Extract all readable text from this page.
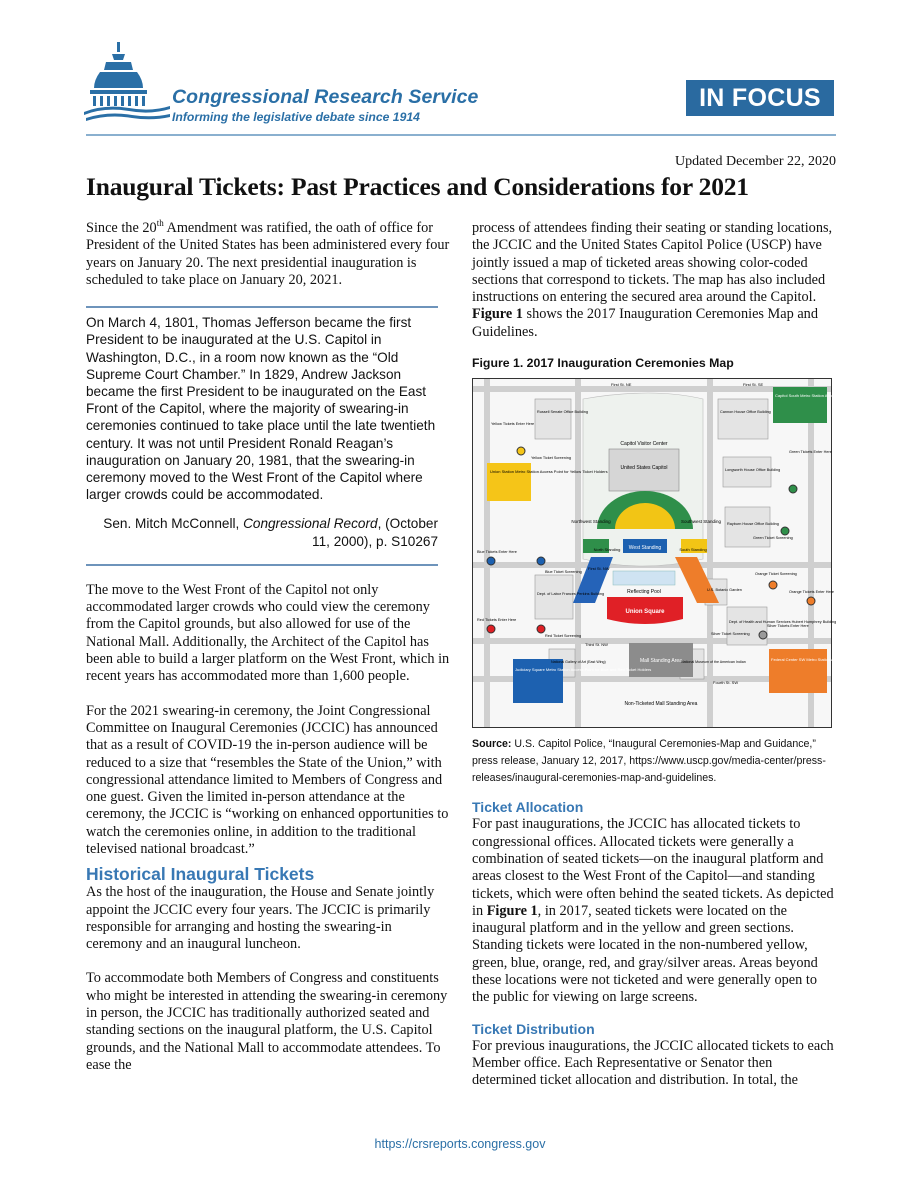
Congressional Research Service
Informing the legislative debate since 1914
IN FOCUS
Updated December 22, 2020
Inaugural Tickets: Past Practices and Considerations for 2021

Since the 20th Amendment was ratified, the oath of office for President of the United States has been administered every four years on January 20. The next presidential inauguration is scheduled to take place on January 20, 2021.

On March 4, 1801, Thomas Jefferson became the first President to be inaugurated at the U.S. Capitol in Washington, D.C., in a room now known as the “Old Supreme Court Chamber.” In 1829, Andrew Jackson became the first President to be inaugurated on the East Front of the Capitol, where the majority of swearing-in ceremonies continued to take place until the late twentieth century. It was not until President Ronald Reagan’s inauguration on January 20, 1981, that the swearing-in ceremony moved to the West Front of the Capitol where larger crowds could be accommodated.
Sen. Mitch McConnell, Congressional Record, (October 11, 2000), p. S10267

The move to the West Front of the Capitol not only accommodated larger crowds who could view the ceremony from the Capitol grounds, but also allowed for use of the National Mall. Additionally, the Architect of the Capitol has been able to build a larger platform on the West Front, which in recent years has accommodated more than 1,600 people.

For the 2021 swearing-in ceremony, the Joint Congressional Committee on Inaugural Ceremonies (JCCIC) has announced that as a result of COVID-19 the in-person audience will be reduced to a size that “resembles the State of the Union,” with congressional attendance limited to Members of Congress and one guest. Given the limited in-person attendance at the ceremony, the JCCIC is “working on enhanced opportunities to watch the ceremonies online, in addition to the traditional televised national broadcast.”

Historical Inaugural Tickets

As the host of the inauguration, the House and Senate jointly appoint the JCCIC every four years. The JCCIC is primarily responsible for arranging and hosting the swearing-in ceremony and an inaugural luncheon.

To accommodate both Members of Congress and constituents who might be interested in attending the swearing-in ceremony in person, the JCCIC has traditionally authorized seated and standing sections on the inaugural platform, the U.S. Capitol grounds, and the National Mall to accommodate attendees. To ease the

process of attendees finding their seating or standing locations, the JCCIC and the United States Capitol Police (USCP) have jointly issued a map of ticketed areas showing color-coded sections that correspond to tickets. The map has also included instructions on entering the secured area around the Capitol. Figure 1 shows the 2017 Inauguration Ceremonies Map and Guidelines.

Figure 1. 2017 Inauguration Ceremonies Map
Capitol Visitor Center
United States Capitol
West Standing
Northwest Standing	Southwest Standing
North Standing	South Standing
Reflecting Pool
Union Square
Mall Standing Area
Non-Ticketed Mall Standing Area
Union Station Metro Station Access Point for Yellow Ticket Holders
Capitol South Metro Station Access Point for Green Ticket Holders
Judiciary Square Metro Station Access Point for Blue and Red Ticket Holders
Federal Center SW Metro Station Access Point for Orange and Silver Ticket Holders
First St. NE	First St. SE
First St. NW
Third St. NW
Fourth St. SW
Russell Senate Office Building	Cannon House Office Building
Longworth House Office Building
Rayburn House Office Building
Dept. of Labor Frances Perkins Building
Dept. of Health and Human Services Hubert Humphrey Building
U.S. Botanic Garden
National Gallery of Art (East Wing)	National Museum of the American Indian
Yellow Tickets Enter Here
Yellow Ticket Screening
Blue Tickets Enter Here
Blue Ticket Screening
Red Tickets Enter Here
Red Ticket Screening
Green Tickets Enter Here
Green Ticket Screening
Orange Ticket Screening
Orange Tickets Enter Here
Silver Tickets Enter Here
Silver Ticket Screening
Source: U.S. Capitol Police, “Inaugural Ceremonies-Map and Guidance,” press release, January 12, 2017, https://www.uscp.gov/media-center/press-releases/inaugural-ceremonies-map-and-guidelines.
Ticket Allocation

For past inaugurations, the JCCIC has allocated tickets to congressional offices. Allocated tickets were generally a combination of seated tickets—on the inaugural platform and areas closest to the West Front of the Capitol—and standing tickets, which were often behind the seated tickets. As depicted in Figure 1, in 2017, seated tickets were located on the inaugural platform and in the yellow and green sections. Standing tickets were located in the non-numbered yellow, green, blue, orange, red, and gray/silver areas. Areas beyond these locations were not ticketed and were generally open to the public for viewing on large screens.

Ticket Distribution

For previous inaugurations, the JCCIC allocated tickets to each Member office. Each Representative or Senator then determined ticket allocation and distribution. In total, the

https://crsreports.congress.gov
